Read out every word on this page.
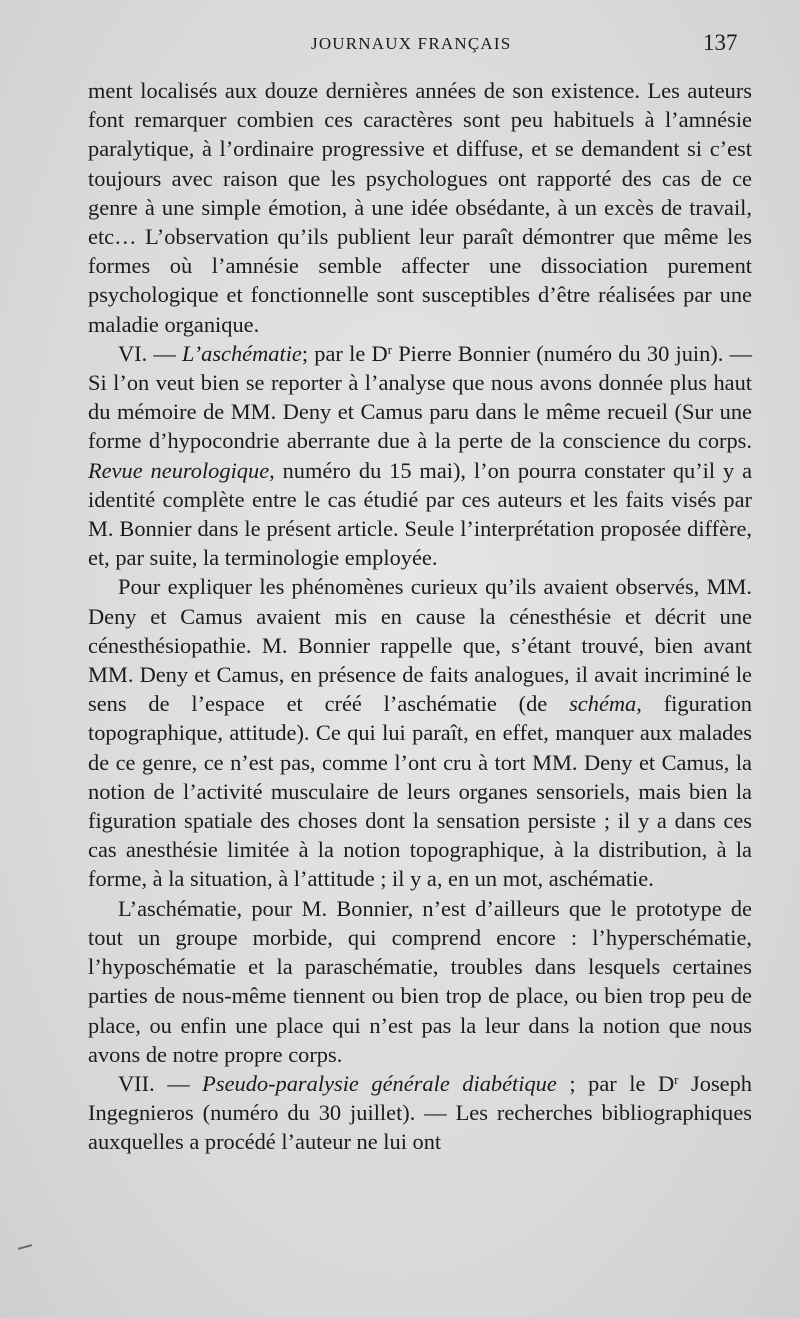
JOURNAUX FRANÇAIS	137

ment localisés aux douze dernières années de son existence. Les auteurs font remarquer combien ces caractères sont peu habituels à l’amnésie paralytique, à l’ordinaire progressive et diffuse, et se demandent si c’est toujours avec raison que les psychologues ont rapporté des cas de ce genre à une simple émotion, à une idée obsédante, à un excès de travail, etc… L’observation qu’ils publient leur paraît démontrer que même les formes où l’amnésie semble affecter une dissociation purement psychologique et fonctionnelle sont susceptibles d’être réalisées par une maladie organique.

VI. — L’aschématie; par le $D^r$ Pierre Bonnier (numéro du 30 juin). — Si l’on veut bien se reporter à l’analyse que nous avons donnée plus haut du mémoire de MM. Deny et Camus paru dans le même recueil (Sur une forme d’hypocondrie aberrante due à la perte de la conscience du corps. Revue neurologique, numéro du 15 mai), l’on pourra constater qu’il y a identité complète entre le cas étudié par ces auteurs et les faits visés par M. Bonnier dans le présent article. Seule l’interprétation proposée diffère, et, par suite, la terminologie employée.

Pour expliquer les phénomènes curieux qu’ils avaient observés, MM. Deny et Camus avaient mis en cause la cénesthésie et décrit une cénesthésiopathie. M. Bonnier rappelle que, s’étant trouvé, bien avant MM. Deny et Camus, en présence de faits analogues, il avait incriminé le sens de l’espace et créé l’aschématie (de schéma, figuration topographique, attitude). Ce qui lui paraît, en effet, manquer aux malades de ce genre, ce n’est pas, comme l’ont cru à tort MM. Deny et Camus, la notion de l’activité musculaire de leurs organes sensoriels, mais bien la figuration spatiale des choses dont la sensation persiste ; il y a dans ces cas anesthésie limitée à la notion topographique, à la distribution, à la forme, à la situation, à l’attitude ; il y a, en un mot, aschématie.

L’aschématie, pour M. Bonnier, n’est d’ailleurs que le prototype de tout un groupe morbide, qui comprend encore : l’hyperschématie, l’hyposchématie et la paraschématie, troubles dans lesquels certaines parties de nous-même tiennent ou bien trop de place, ou bien trop peu de place, ou enfin une place qui n’est pas la leur dans la notion que nous avons de notre propre corps.

VII. — Pseudo-paralysie générale diabétique ; par le $D^r$ Joseph Ingegnieros (numéro du 30 juillet). — Les recherches bibliographiques auxquelles a procédé l’auteur ne lui ont
